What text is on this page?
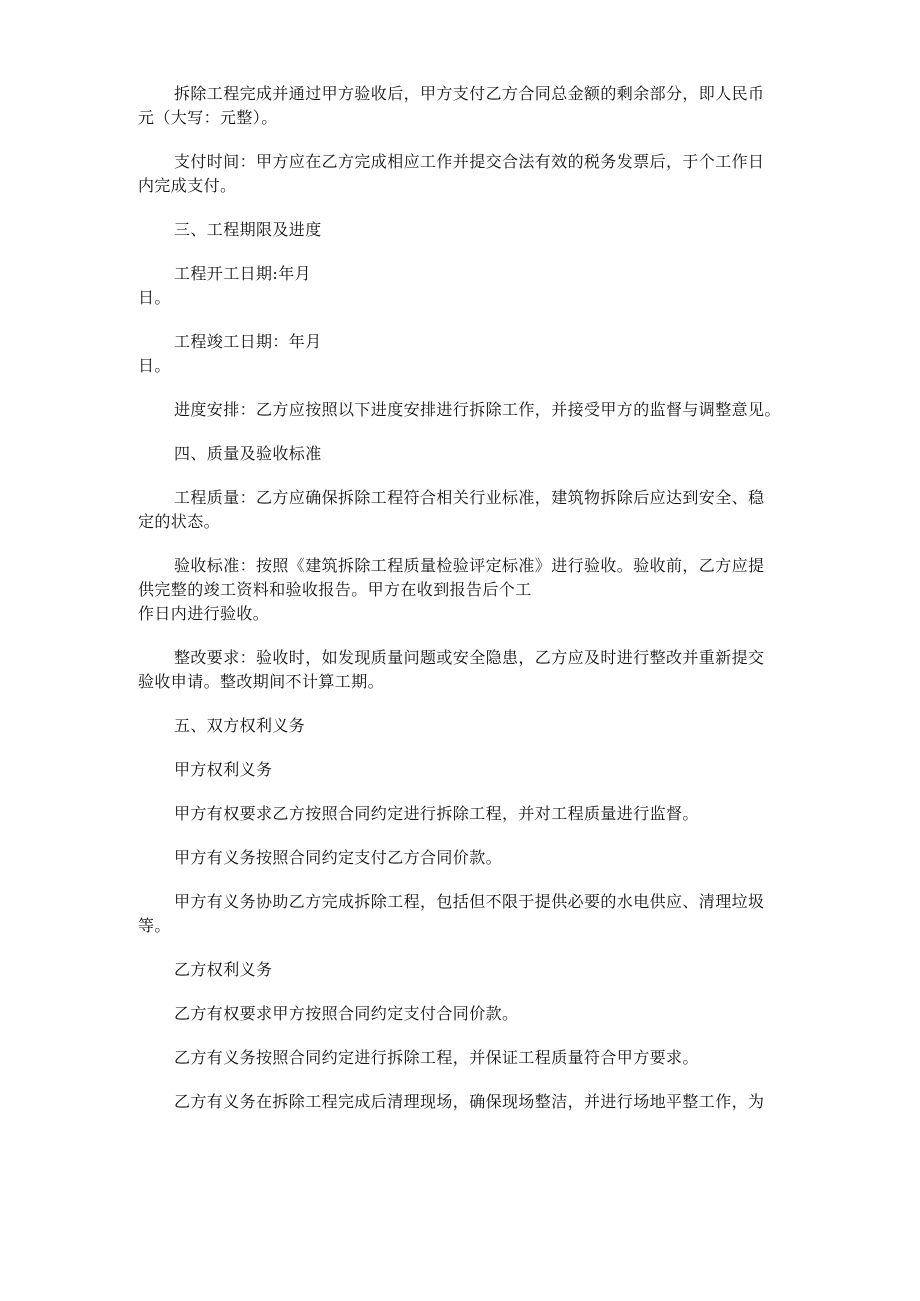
拆除工程完成并通过甲方验收后，甲方支付乙方合同总金额的剩余部分，即人民币
元（大写：元整）。

支付时间：甲方应在乙方完成相应工作并提交合法有效的税务发票后，于个工作日
内完成支付。

三、工程期限及进度

工程开工日期:年月
日。

工程竣工日期：年月
日。

进度安排：乙方应按照以下进度安排进行拆除工作，并接受甲方的监督与调整意见。

四、质量及验收标准

工程质量：乙方应确保拆除工程符合相关行业标准，建筑物拆除后应达到安全、稳
定的状态。

验收标准：按照《建筑拆除工程质量检验评定标准》进行验收。验收前，乙方应提
供完整的竣工资料和验收报告。甲方在收到报告后个工
作日内进行验收。

整改要求：验收时，如发现质量问题或安全隐患，乙方应及时进行整改并重新提交
验收申请。整改期间不计算工期。

五、双方权利义务

甲方权利义务

甲方有权要求乙方按照合同约定进行拆除工程，并对工程质量进行监督。

甲方有义务按照合同约定支付乙方合同价款。

甲方有义务协助乙方完成拆除工程，包括但不限于提供必要的水电供应、清理垃圾
等。

乙方权利义务

乙方有权要求甲方按照合同约定支付合同价款。

乙方有义务按照合同约定进行拆除工程，并保证工程质量符合甲方要求。

乙方有义务在拆除工程完成后清理现场，确保现场整洁，并进行场地平整工作，为
